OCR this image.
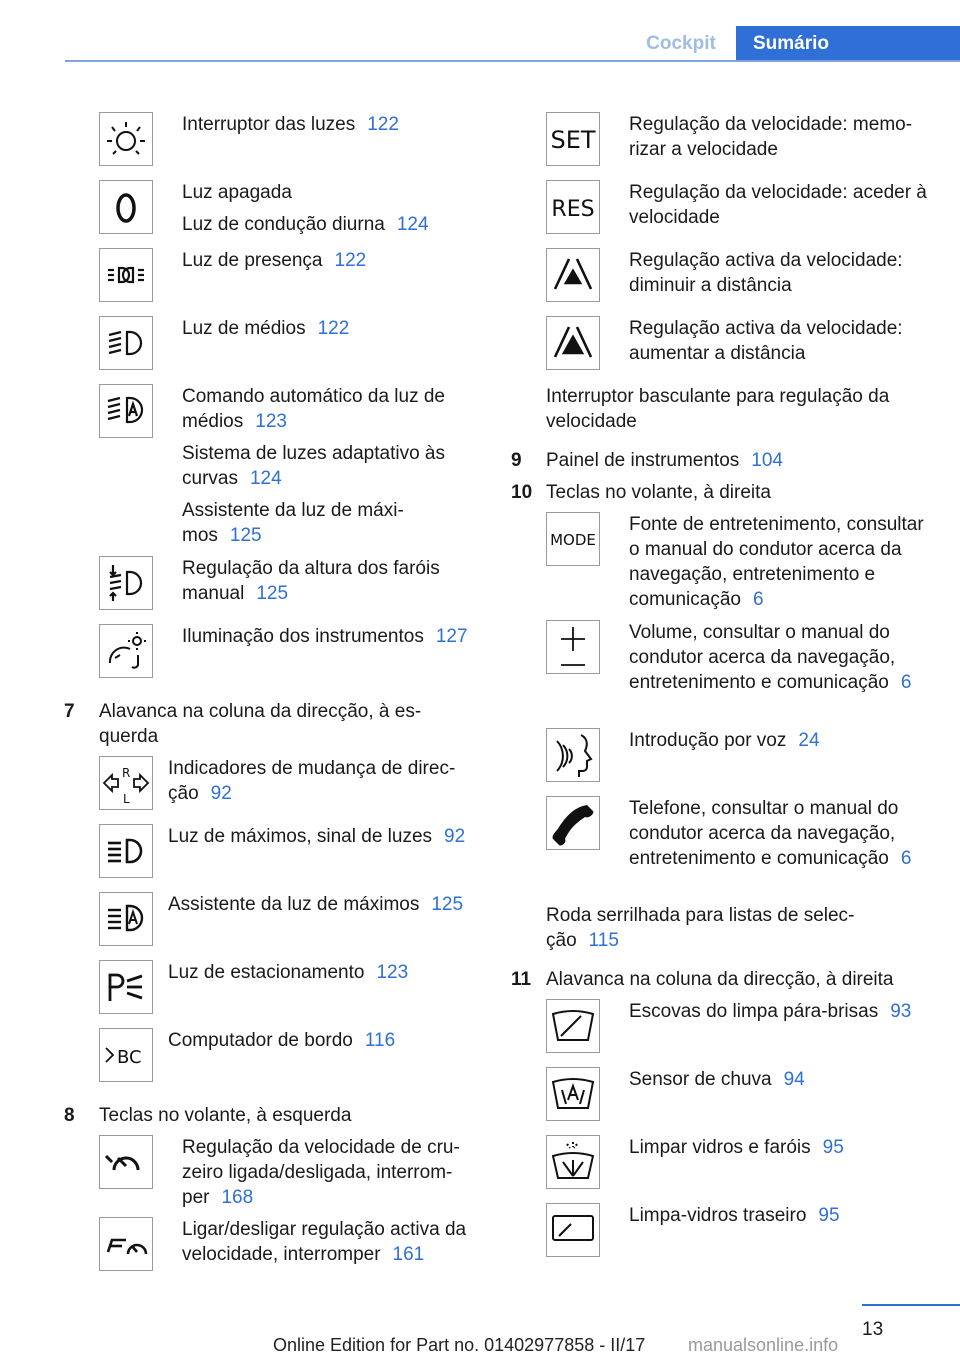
Cockpit	Sumário

Interruptor das luzes 122

Luz apagada

Luz de condução diurna 124

Luz de presença 122

Luz de médios 122

Comando automático da luz de médios 123

Sistema de luzes adaptativo às curvas 124

Assistente da luz de máximos 125

Regulação da altura dos faróis manual 125

Iluminação dos instrumentos 127

7 Alavanca na coluna da direcção, à esquerda

R
L

Indicadores de mudança de direcção 92

Luz de máximos, sinal de luzes 92

Assistente da luz de máximos 125

Luz de estacionamento 123

BC

Computador de bordo 116

8 Teclas no volante, à esquerda

Regulação da velocidade de cruzeiro ligada/desligada, interromper 168

Ligar/desligar regulação activa da velocidade, interromper 161

SET

Regulação da velocidade: memorizar a velocidade

RES

Regulação da velocidade: aceder à velocidade

Regulação activa da velocidade: diminuir a distância

Regulação activa da velocidade: aumentar a distância

Interruptor basculante para regulação da velocidade

9 Painel de instrumentos 104

10 Teclas no volante, à direita

MODE

Fonte de entretenimento, consultar o manual do condutor acerca da navegação, entretenimento e comunicação 6

Volume, consultar o manual do condutor acerca da navegação, entretenimento e comunicação 6

Introdução por voz 24

Telefone, consultar o manual do condutor acerca da navegação, entretenimento e comunicação 6

Roda serrilhada para listas de selecção 115

11 Alavanca na coluna da direcção, à direita

Escovas do limpa pára-brisas 93

Sensor de chuva 94

Limpar vidros e faróis 95

Limpa-vidros traseiro 95

13
Online Edition for Part no. 01402977858 - II/17 manualsonline.info
